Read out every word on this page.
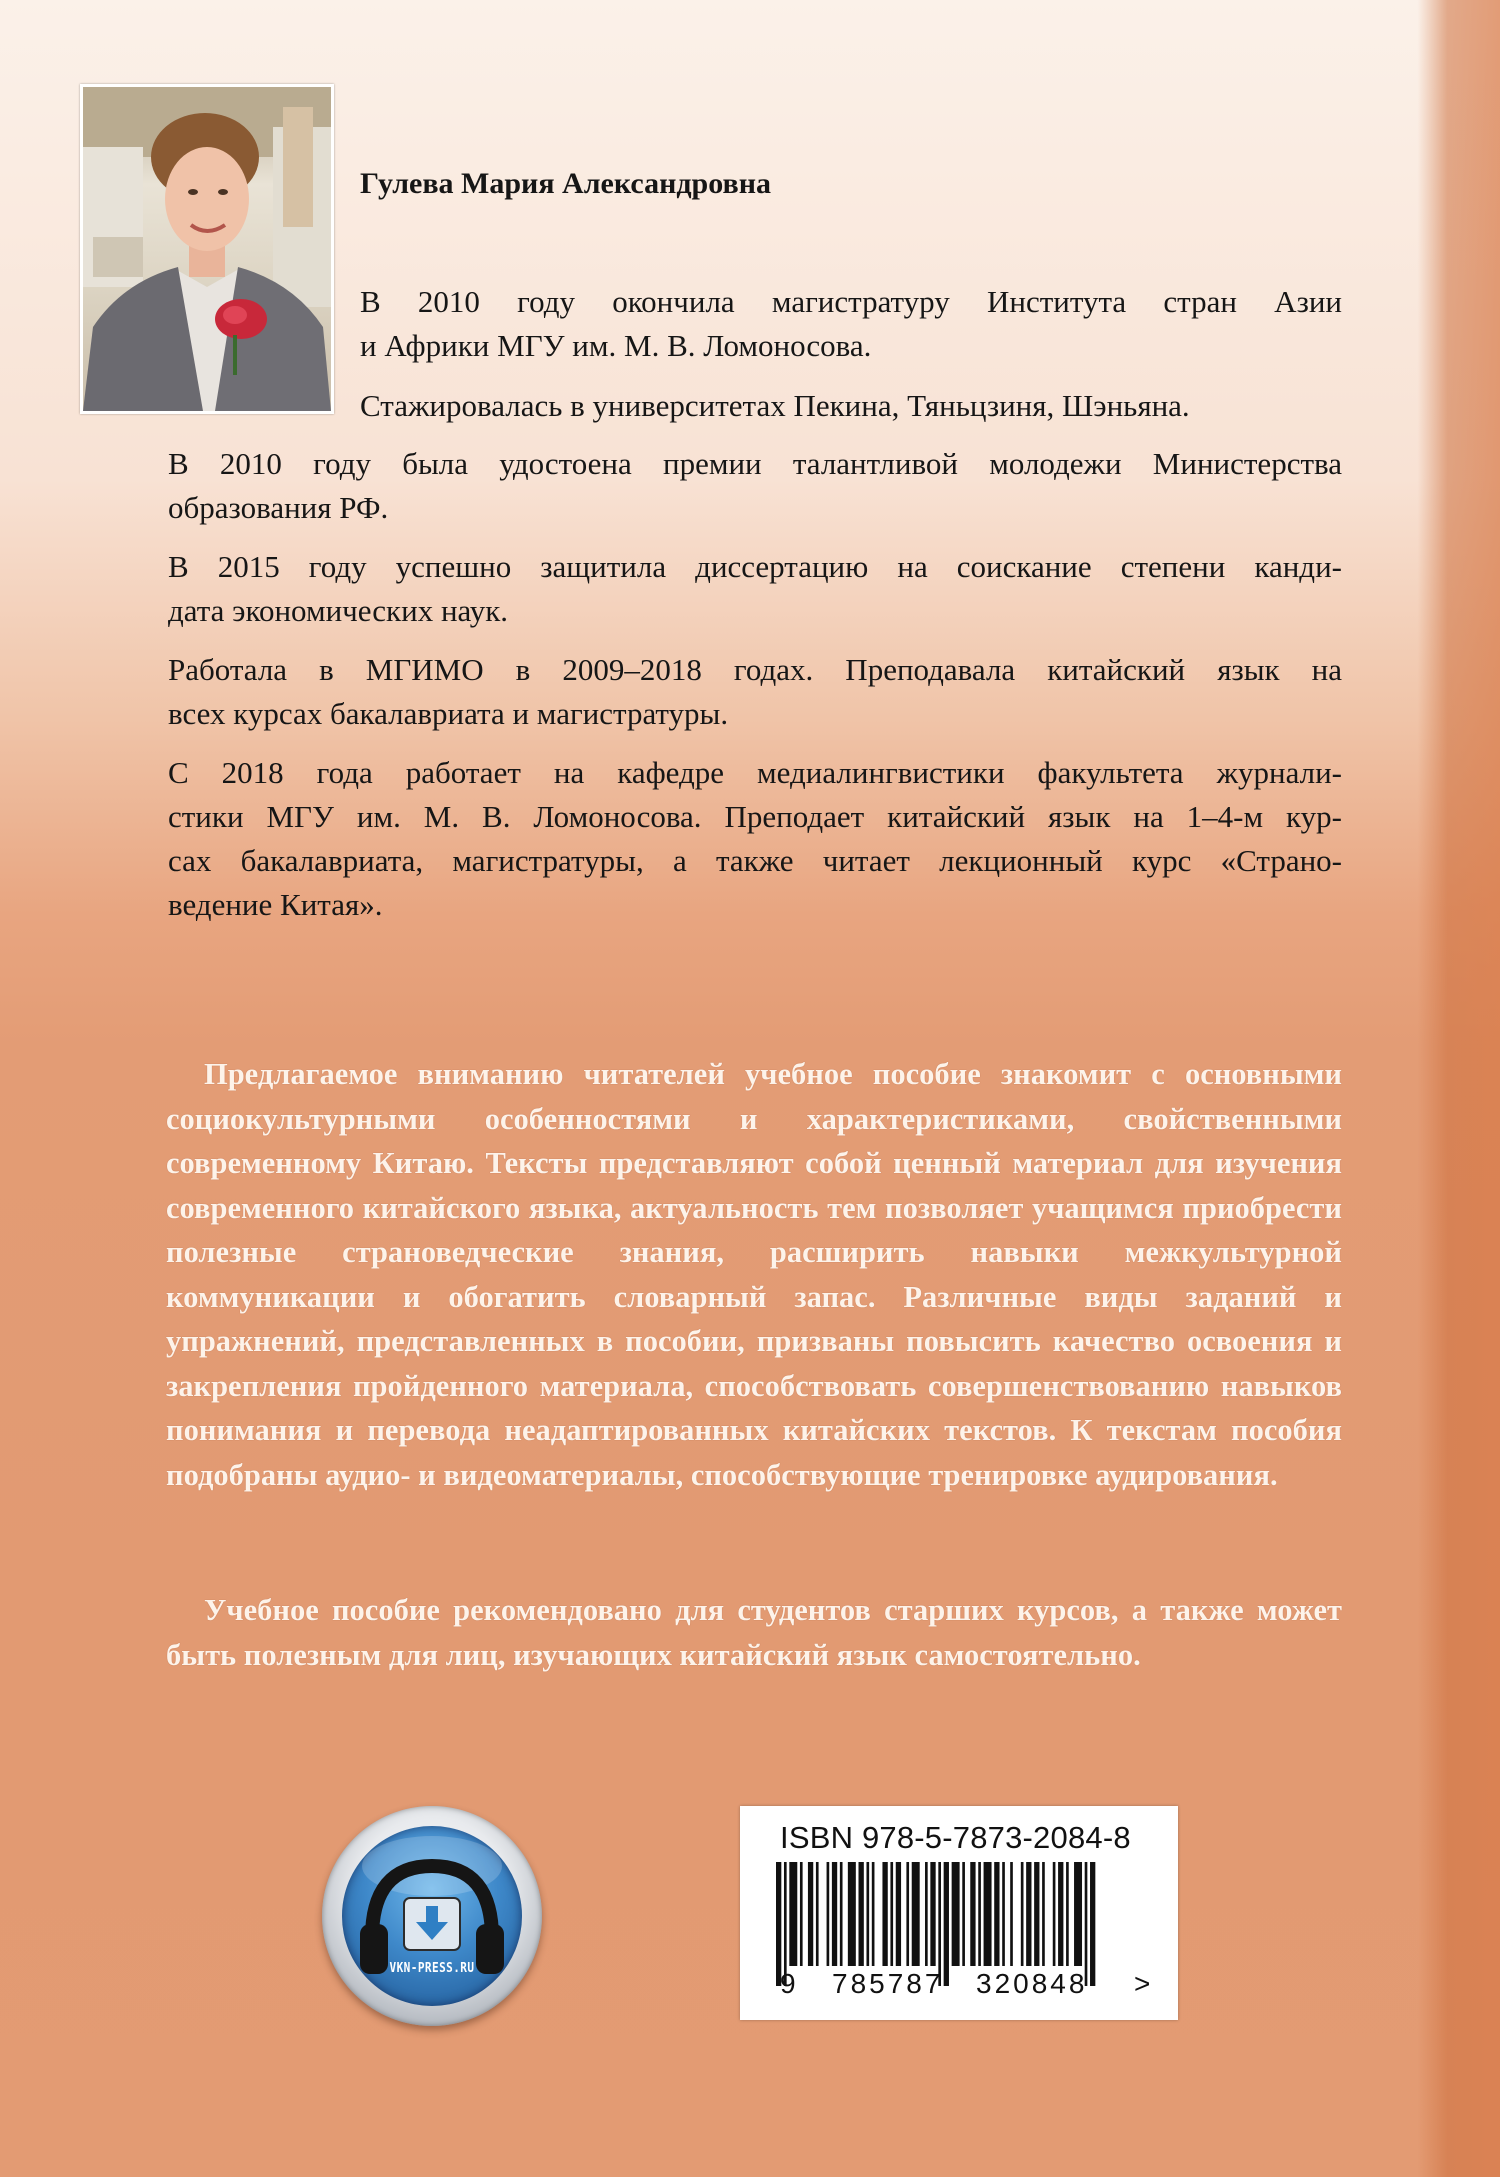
Гулева Мария Александровна

В 2010 году окончила магистратуру Института стран Азии

и Африки МГУ им. М. В. Ломоносова.

Стажировалась в университетах Пекина, Тяньцзиня, Шэньяна.

В 2010 году была удостоена премии талантливой молодежи Министерства

образования РФ.

В 2015 году успешно защитила диссертацию на соискание степени канди-

дата экономических наук.

Работала в МГИМО в 2009–2018 годах. Преподавала китайский язык на

всех курсах бакалавриата и магистратуры.

С 2018 года работает на кафедре медиалингвистики факультета журнали-

стики МГУ им. М. В. Ломоносова. Преподает китайский язык на 1–4-м кур-

сах бакалавриата, магистратуры, а также читает лекционный курс «Страно-

ведение Китая».

Предлагаемое вниманию читателей учебное пособие знакомит с основными социокультурными особенностями и характеристиками, свойственными современному Китаю. Тексты представляют собой ценный материал для изучения современного китайского языка, актуальность тем позволяет учащимся приобрести полезные страноведческие знания, расширить навыки межкультурной коммуникации и обогатить словарный запас. Различные виды заданий и упражнений, представленных в пособии, призваны повысить качество освоения и закрепления пройденного материала, способствовать совершенствованию навыков понимания и перевода неадаптированных китайских текстов. К текстам пособия подобраны аудио- и видеоматериалы, способствующие тренировке аудирования.

Учебное пособие рекомендовано для студентов старших курсов, а также может быть полезным для лиц, изучающих китайский язык самостоятельно.

VKN-PRESS.RU
ISBN 978-5-7873-2084-8
9 785787 320848 >
